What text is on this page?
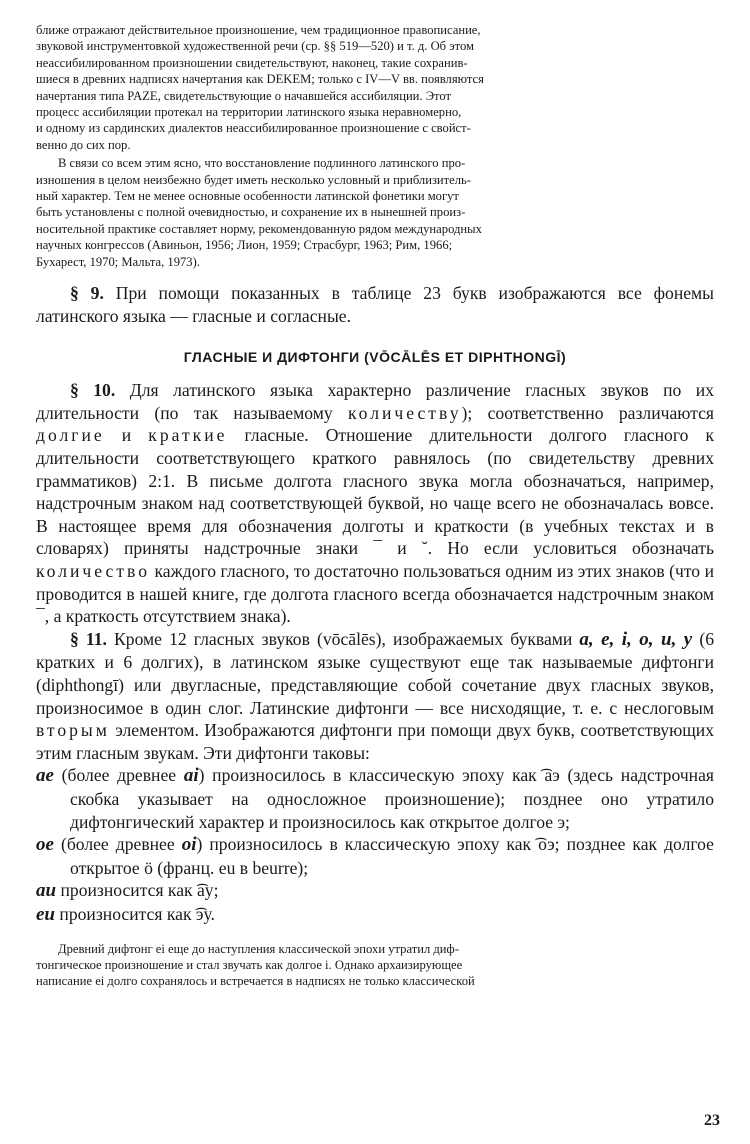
ближе отражают действительное произношение, чем традиционное правописание,
звуковой инструментовкой художественной речи (ср. §§ 519—520) и т. д. Об этом
неассибилированном произношении свидетельствуют, наконец, такие сохранив-
шиеся в древних надписях начертания как DEKEM; только с IV—V вв. появляются
начертания типа PAZE, свидетельствующие о начавшейся ассибиляции. Этот
процесс ассибиляции протекал на территории латинского языка неравномерно,
и одному из сардинских диалектов неассибилированное произношение c свойст-
венно до сих пор.
В связи со всем этим ясно, что восстановление подлинного латинского про-
изношения в целом неизбежно будет иметь несколько условный и приблизитель-
ный характер. Тем не менее основные особенности латинской фонетики могут
быть установлены с полной очевидностью, и сохранение их в нынешней произ-
носительной практике составляет норму, рекомендованную рядом международных
научных конгрессов (Авиньон, 1956; Лион, 1959; Страсбург, 1963; Рим, 1966;
Бухарест, 1970; Мальта, 1973).

§ 9. При помощи показанных в таблице 23 букв изображаются все фонемы латинского языка — гласные и согласные.

ГЛАСНЫЕ И ДИФТОНГИ (VŌCĀLĒS ET DIPHTHONGĪ)

§ 10. Для латинского языка характерно различение гласных звуков по их длительности (по так называемому количеству); соответственно различаются долгие и краткие гласные. Отношение длительности долгого гласного к длительности соответствующего краткого равнялось (по свидетельству древних грамматиков) 2:1. В письме долгота гласного звука могла обозначаться, например, надстрочным знаком над соответствующей буквой, но чаще всего не обозначалась вовсе. В настоящее время для обозначения долготы и краткости (в учебных текстах и в словарях) приняты надстрочные знаки ¯ и ˘. Но если условиться обозначать количество каждого гласного, то достаточно пользоваться одним из этих знаков (что и проводится в нашей книге, где долгота гласного всегда обозначается надстрочным знаком ¯, а краткость отсутствием знака).

§ 11. Кроме 12 гласных звуков (vōcālēs), изображаемых буквами a, e, i, o, u, y (6 кратких и 6 долгих), в латинском языке существуют еще так называемые дифтонги (diphthongī) или двугласные, представляющие собой сочетание двух гласных звуков, произносимое в один слог. Латинские дифтонги — все нисходящие, т. е. с неслоговым вторым элементом. Изображаются дифтонги при помощи двух букв, соответствующих этим гласным звукам. Эти дифтонги таковы:

ae (более древнее ai) произносилось в классическую эпоху как ͡аэ (здесь надстрочная скобка указывает на односложное произношение); позднее оно утратило дифтонгический характер и произносилось как открытое долгое э;

oe (более древнее oi) произносилось в классическую эпоху как ͡оэ; позднее как долгое открытое ö (франц. eu в beurre);

au произносится как ͡ay;

eu произносится как ͡эу.

Древний дифтонг ei еще до наступления классической эпохи утратил диф-
тонгическое произношение и стал звучать как долгое i. Однако архаизирующее
написание ei долго сохранялось и встречается в надписях не только классической
23
